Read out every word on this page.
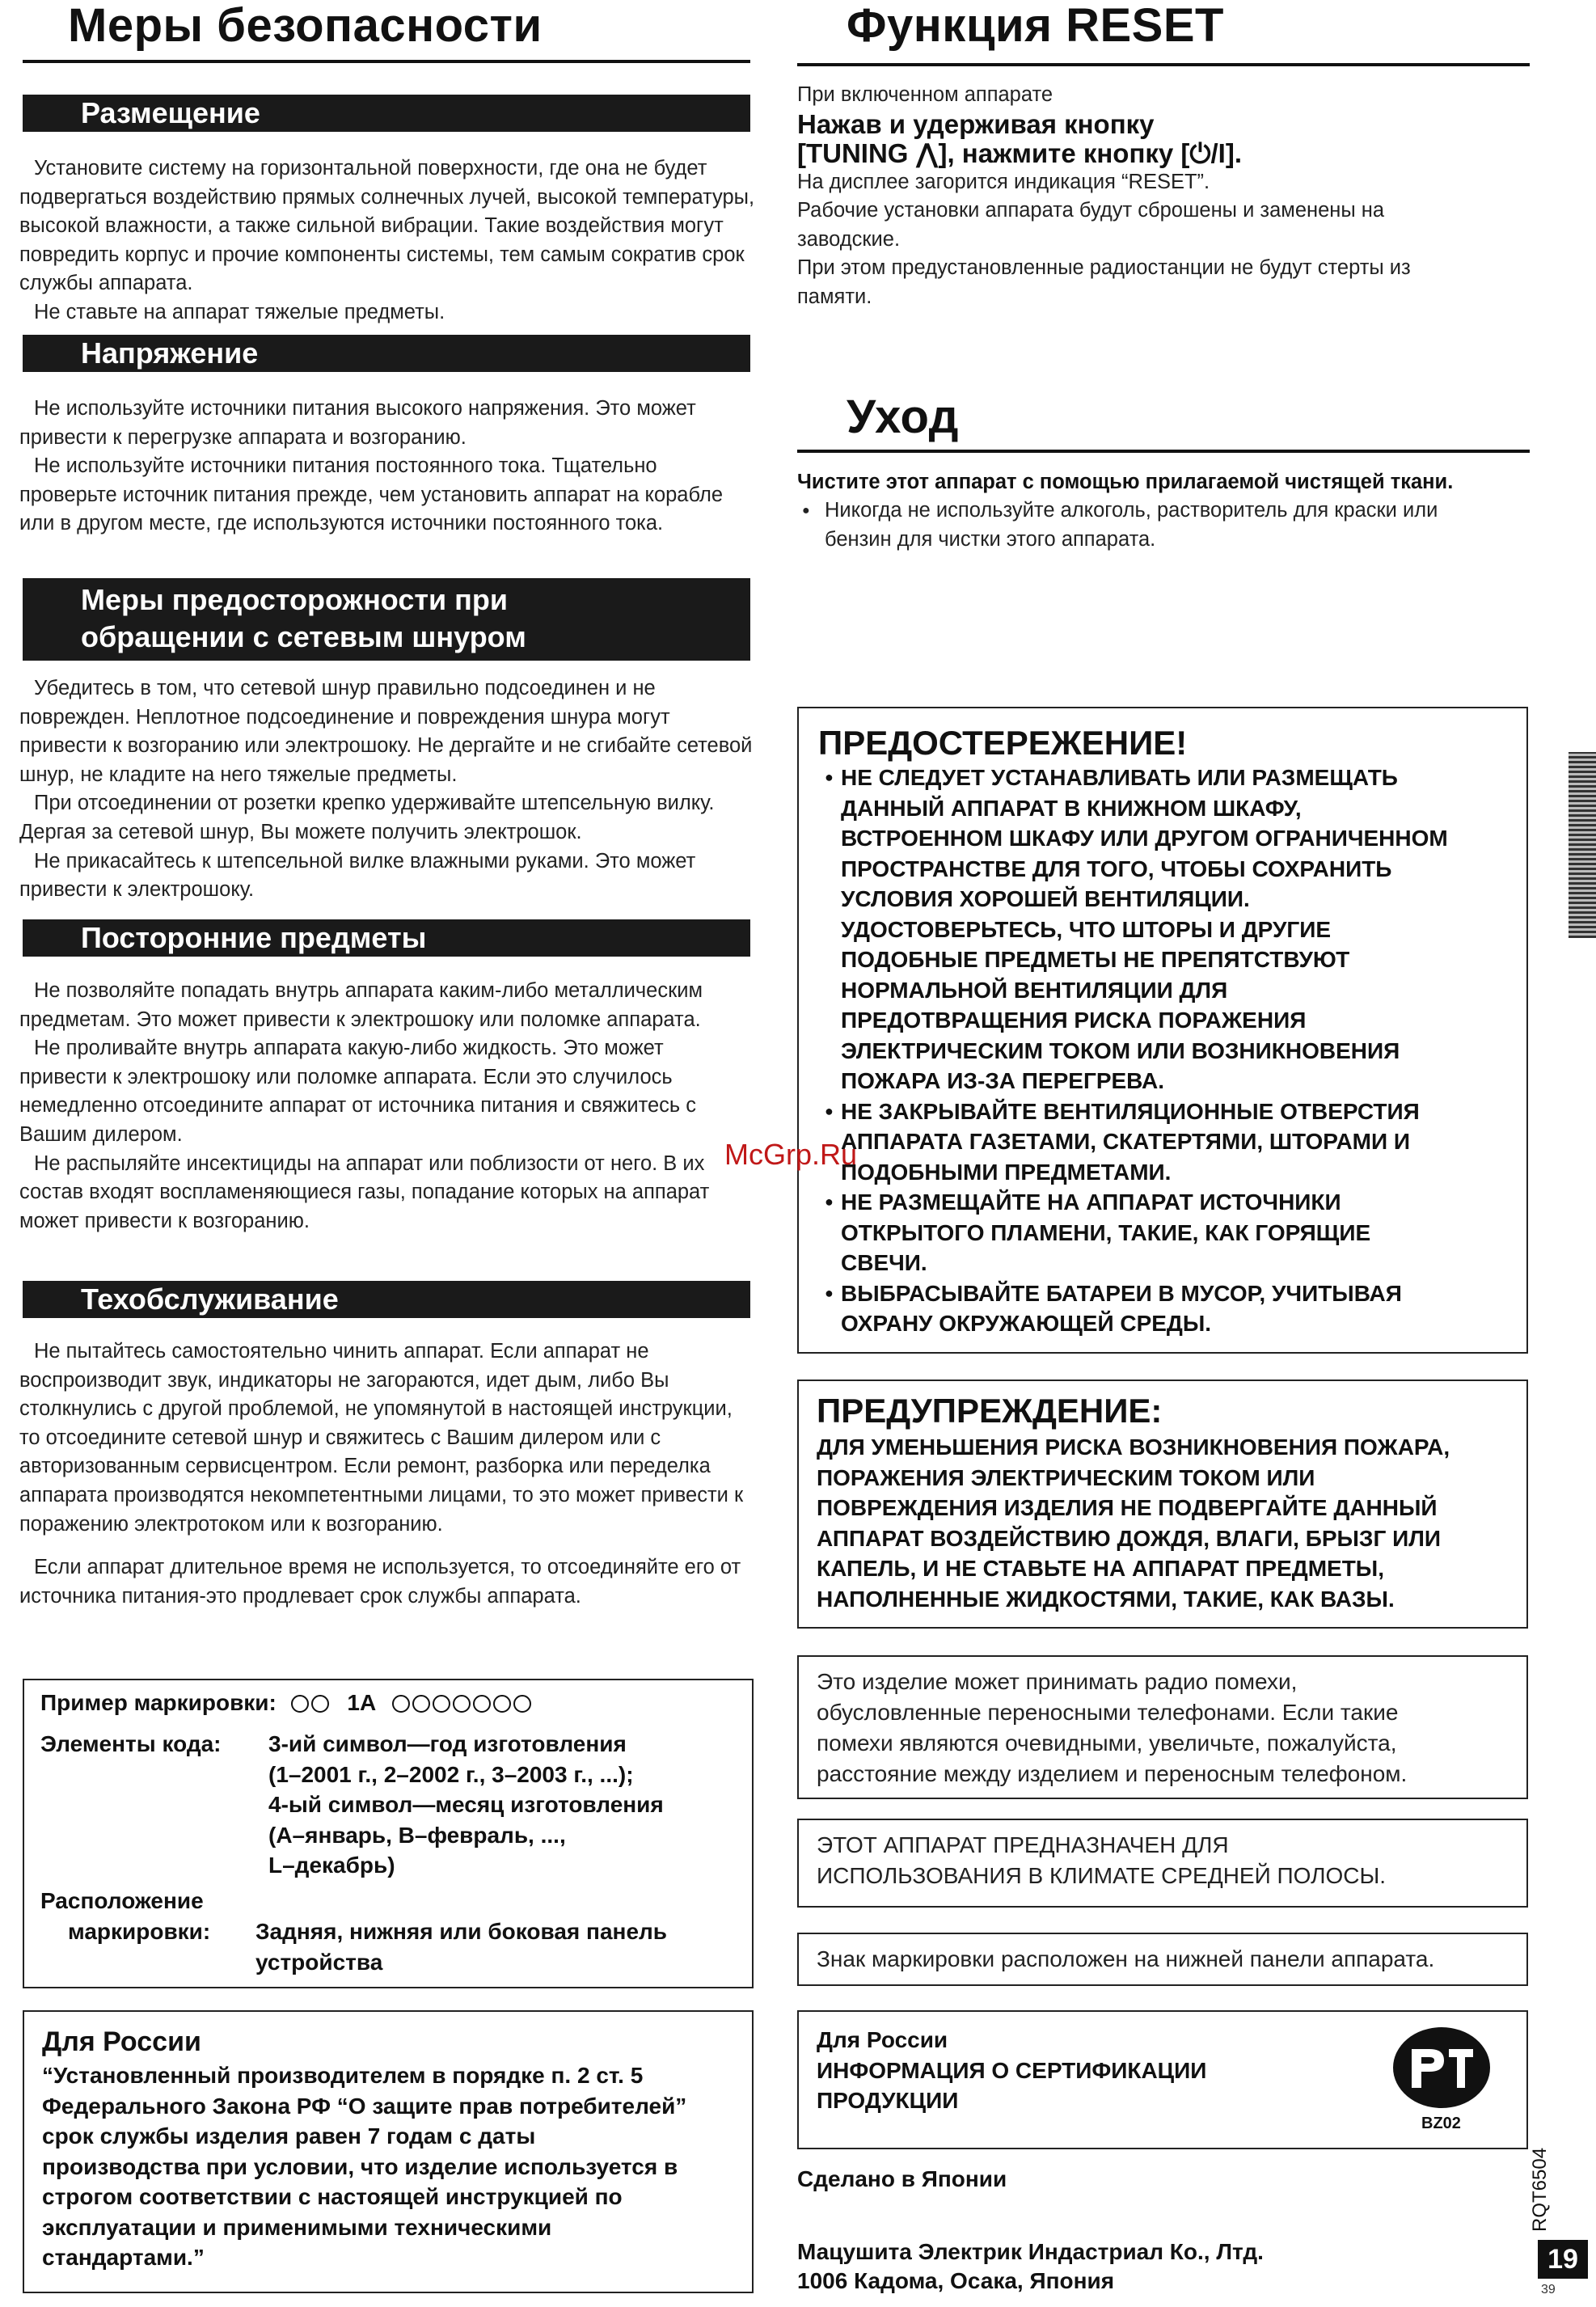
Меры безопасности
Размещение

Установите систему на горизонтальной поверхности, где она не будет подвергаться воздействию прямых солнечных лучей, высокой температуры, высокой влажности, а также сильной вибрации. Такие воздействия могут повредить корпус и прочие компоненты системы, тем самым сократив срок службы аппарата.

Не ставьте на аппарат тяжелые предметы.

Напряжение

Не используйте источники питания высокого напряжения. Это может привести к перегрузке аппарата и возгоранию.

Не используйте источники питания постоянного тока. Тщательно проверьте источник питания прежде, чем установить аппарат на корабле или в другом месте, где используются источники постоянного тока.

Меры предосторожности при
обращении с сетевым шнуром

Убедитесь в том, что сетевой шнур правильно подсоединен и не поврежден. Неплотное подсоединение и повреждения шнура могут привести к возгоранию или электрошоку. Не дергайте и не сгибайте сетевой шнур, не кладите на него тяжелые предметы.

При отсоединении от розетки крепко удерживайте штепсельную вилку. Дергая за сетевой шнур, Вы можете получить электрошок.

Не прикасайтесь к штепсельной вилке влажными руками. Это может привести к электрошоку.

Посторонние предметы

Не позволяйте попадать внутрь аппарата каким-либо металлическим предметам. Это может привести к электрошоку или поломке аппарата.

Не проливайте внутрь аппарата какую-либо жидкость. Это может привести к электрошоку или поломке аппарата. Если это случилось немедленно отсоедините аппарат от источника питания и свяжитесь с Вашим дилером.

Не распыляйте инсектициды на аппарат или поблизости от него. В их состав входят воспламеняющиеся газы, попадание которых на аппарат может привести к возгоранию.

Техобслуживание

Не пытайтесь самостоятельно чинить аппарат. Если аппарат не воспроизводит звук, индикаторы не загораются, идет дым, либо Вы столкнулись с другой проблемой, не упомянутой в настоящей инструкции, то отсоедините сетевой шнур и свяжитесь с Вашим дилером или с авторизованным сервисцентром. Если ремонт, разборка или переделка аппарата производятся некомпетентными лицами, то это может привести к поражению электротоком или к возгоранию.

Если аппарат длительное время не используется, то отсоединяйте его от источника питания-это продлевает срок службы аппарата.

Пример маркировки:	1A
Элементы кода: 3-ий символ—год изготовления
(1–2001 г., 2–2002 г., 3–2003 г., ...);
4-ый символ—месяц изготовления
(A–январь, B–февраль, ...,
L–декабрь)
Расположение
маркировки: Задняя, нижняя или боковая панель
устройства
Для России
“Установленный производителем в порядке п. 2 ст. 5
Федерального Закона РФ “О защите прав потребителей”
срок службы изделия равен 7 годам с даты
производства при условии, что изделие используется в
строгом соответствии с настоящей инструкцией по
эксплуатации и применимыми техническими
стандартами.”
Функция RESET
При включенном аппарате
Нажав и удерживая кнопку
[TUNING ⋀], нажмите кнопку [⏻/I].
На дисплее загорится индикация “RESET”.
Рабочие установки аппарата будут сброшены и заменены на
заводские.
При этом предустановленные радиостанции не будут стерты из
памяти.
Уход
Чистите этот аппарат с помощью прилагаемой чистящей ткани.
● Никогда не используйте алкоголь, растворитель для краски или
бензин для чистки этого аппарата.
ПРЕДОСТЕРЕЖЕНИЕ!
● НЕ СЛЕДУЕТ УСТАНАВЛИВАТЬ ИЛИ РАЗМЕЩАТЬ
ДАННЫЙ АППАРАТ В КНИЖНОМ ШКАФУ,
ВСТРОЕННОМ ШКАФУ ИЛИ ДРУГОМ ОГРАНИЧЕННОМ
ПРОСТРАНСТВЕ ДЛЯ ТОГО, ЧТОБЫ СОХРАНИТЬ
УСЛОВИЯ ХОРОШЕЙ ВЕНТИЛЯЦИИ.
УДОСТОВЕРЬТЕСЬ, ЧТО ШТОРЫ И ДРУГИЕ
ПОДОБНЫЕ ПРЕДМЕТЫ НЕ ПРЕПЯТСТВУЮТ
НОРМАЛЬНОЙ ВЕНТИЛЯЦИИ ДЛЯ
ПРЕДОТВРАЩЕНИЯ РИСКА ПОРАЖЕНИЯ
ЭЛЕКТРИЧЕСКИМ ТОКОМ ИЛИ ВОЗНИКНОВЕНИЯ
ПОЖАРА ИЗ-ЗА ПЕРЕГРЕВА.
● НЕ ЗАКРЫВАЙТЕ ВЕНТИЛЯЦИОННЫЕ ОТВЕРСТИЯ
АППАРАТА ГАЗЕТАМИ, СКАТЕРТЯМИ, ШТОРАМИ И
ПОДОБНЫМИ ПРЕДМЕТАМИ.
● НЕ РАЗМЕЩАЙТЕ НА АППАРАТ ИСТОЧНИКИ
ОТКРЫТОГО ПЛАМЕНИ, ТАКИЕ, КАК ГОРЯЩИЕ
СВЕЧИ.
● ВЫБРАСЫВАЙТЕ БАТАРЕИ В МУСОР, УЧИТЫВАЯ
ОХРАНУ ОКРУЖАЮЩЕЙ СРЕДЫ.
ПРЕДУПРЕЖДЕНИЕ:
ДЛЯ УМЕНЬШЕНИЯ РИСКА ВОЗНИКНОВЕНИЯ ПОЖАРА,
ПОРАЖЕНИЯ ЭЛЕКТРИЧЕСКИМ ТОКОМ ИЛИ
ПОВРЕЖДЕНИЯ ИЗДЕЛИЯ НЕ ПОДВЕРГАЙТЕ ДАННЫЙ
АППАРАТ ВОЗДЕЙСТВИЮ ДОЖДЯ, ВЛАГИ, БРЫЗГ ИЛИ
КАПЕЛЬ, И НЕ СТАВЬТЕ НА АППАРАТ ПРЕДМЕТЫ,
НАПОЛНЕННЫЕ ЖИДКОСТЯМИ, ТАКИЕ, КАК ВАЗЫ.
Это изделие может принимать радио помехи,
обусловленные переносными телефонами. Если такие
помехи являются очевидными, увеличьте, пожалуйста,
расстояние между изделием и переносным телефоном.
ЭТОТ АППАРАТ ПРЕДНАЗНАЧЕН ДЛЯ
ИСПОЛЬЗОВАНИЯ В КЛИМАТЕ СРЕДНЕЙ ПОЛОСЫ.
Знак маркировки расположен на нижней панели аппарата.
Для России
ИНФОРМАЦИЯ О СЕРТИФИКАЦИИ
ПРОДУКЦИИ
BZ02
Сделано в Японии
Мацушита Электрик Индастриал Ко., Лтд.
1006 Кадома, Осака, Япония
McGrp.Ru
RQT6504
19
39
